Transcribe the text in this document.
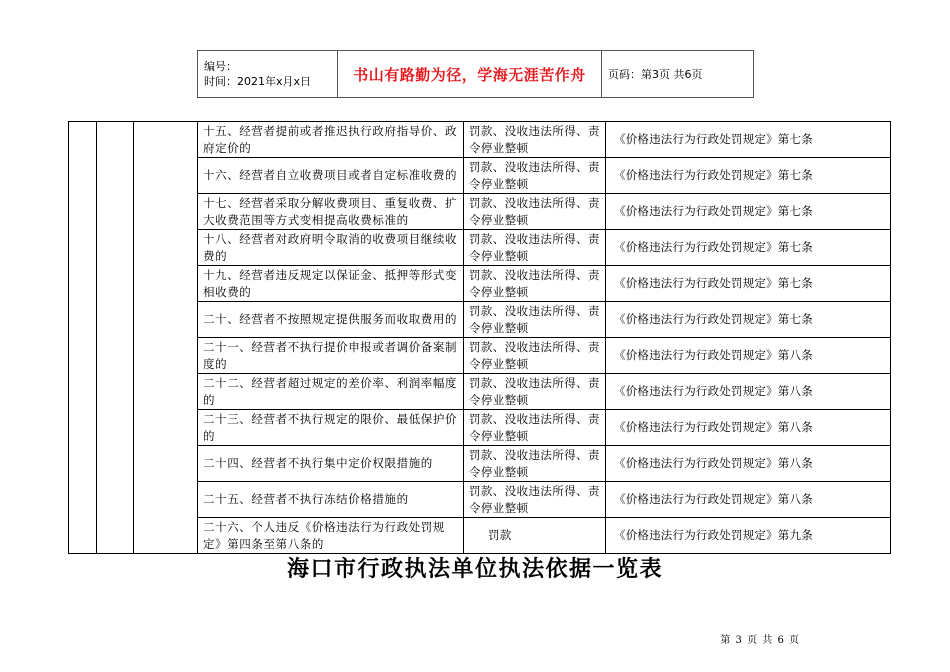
编号：
时间：2021年x月x日	书山有路勤为径，学海无涯苦作舟	页码：第3页 共6页
			十五、经营者提前或者推迟执行政府指导价、政府定价的	罚款、没收违法所得、责令停业整顿	《价格违法行为行政处罚规定》第七条
			十六、经营者自立收费项目或者自定标准收费的	罚款、没收违法所得、责令停业整顿	《价格违法行为行政处罚规定》第七条
			十七、经营者采取分解收费项目、重复收费、扩大收费范围等方式变相提高收费标准的	罚款、没收违法所得、责令停业整顿	《价格违法行为行政处罚规定》第七条
			十八、经营者对政府明令取消的收费项目继续收费的	罚款、没收违法所得、责令停业整顿	《价格违法行为行政处罚规定》第七条
			十九、经营者违反规定以保证金、抵押等形式变相收费的	罚款、没收违法所得、责令停业整顿	《价格违法行为行政处罚规定》第七条
			二十、经营者不按照规定提供服务而收取费用的	罚款、没收违法所得、责令停业整顿	《价格违法行为行政处罚规定》第七条
			二十一、经营者不执行提价申报或者调价备案制度的	罚款、没收违法所得、责令停业整顿	《价格违法行为行政处罚规定》第八条
			二十二、经营者超过规定的差价率、利润率幅度的	罚款、没收违法所得、责令停业整顿	《价格违法行为行政处罚规定》第八条
			二十三、经营者不执行规定的限价、最低保护价的	罚款、没收违法所得、责令停业整顿	《价格违法行为行政处罚规定》第八条
			二十四、经营者不执行集中定价权限措施的	罚款、没收违法所得、责令停业整顿	《价格违法行为行政处罚规定》第八条
			二十五、经营者不执行冻结价格措施的	罚款、没收违法所得、责令停业整顿	《价格违法行为行政处罚规定》第八条
			二十六、个人违反《价格违法行为行政处罚规定》第四条至第八条的	罚款	《价格违法行为行政处罚规定》第九条
海口市行政执法单位执法依据一览表
第 3 页 共 6 页
